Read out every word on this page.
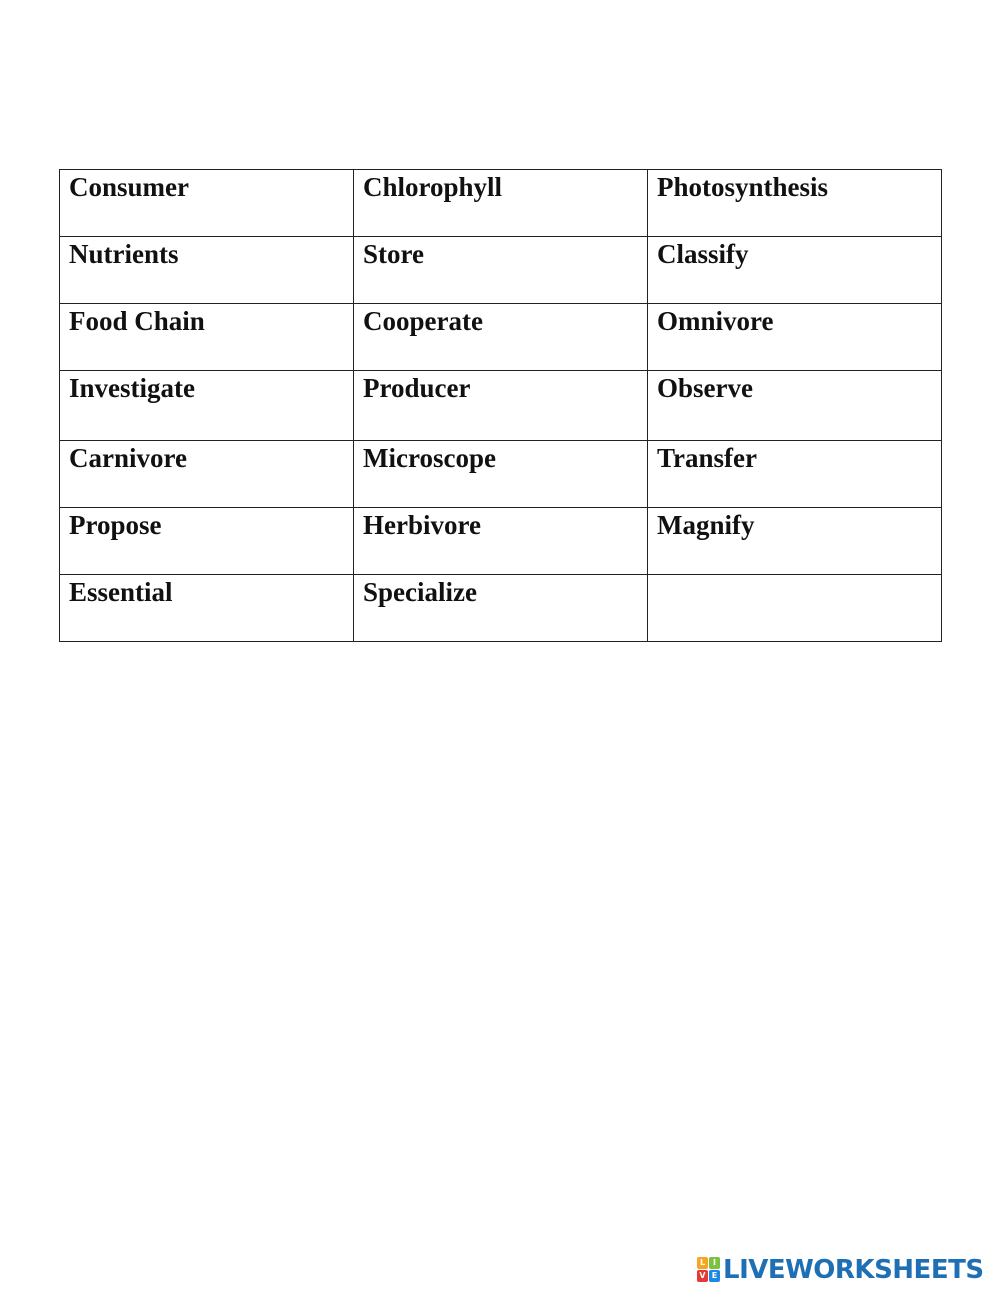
Consumer	Chlorophyll	Photosynthesis
Nutrients	Store	Classify
Food Chain	Cooperate	Omnivore
Investigate	Producer	Observe
Carnivore	Microscope	Transfer
Propose	Herbivore	Magnify
Essential	Specialize	
L I
V E LIVEWORKSHEETS
